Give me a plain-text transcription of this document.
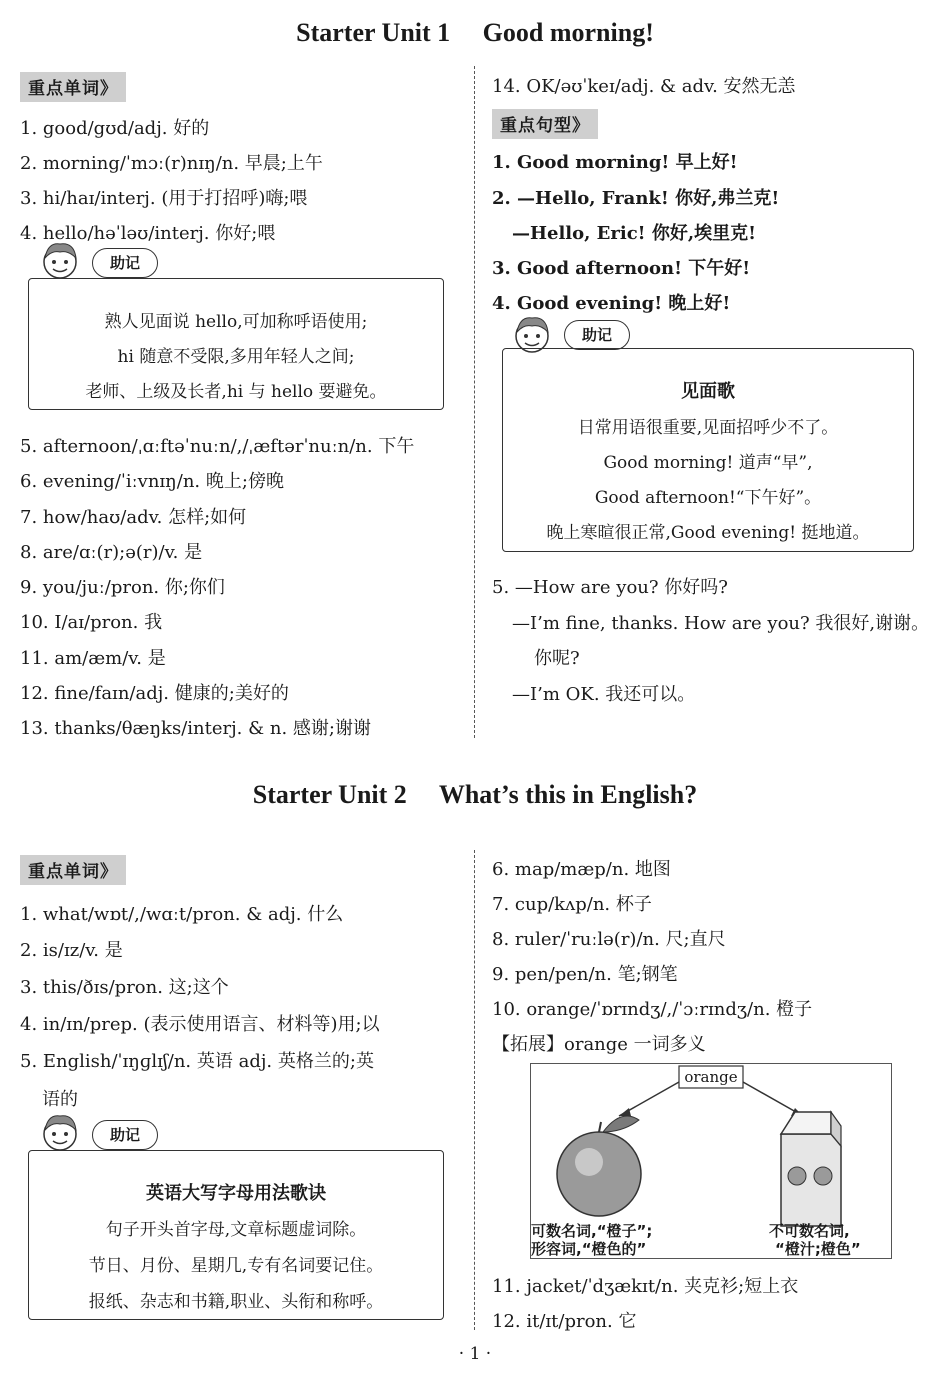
Starter Unit 1     Good morning!
重点单词》
1. good/gʊd/adj. 好的
2. morning/ˈmɔː(r)nɪŋ/n. 早晨;上午
3. hi/haɪ/interj. (用于打招呼)嗨;喂
4. hello/həˈləʊ/interj. 你好;喂
5. afternoon/ˌɑːftəˈnuːn/,/ˌæftərˈnuːn/n. 下午
6. evening/ˈiːvnɪŋ/n. 晚上;傍晚
7. how/haʊ/adv. 怎样;如何
8. are/ɑː(r);ə(r)/v. 是
9. you/juː/pron. 你;你们
10. I/aɪ/pron. 我
11. am/æm/v. 是
12. fine/faɪn/adj. 健康的;美好的
13. thanks/θæŋks/interj. & n. 感谢;谢谢
14. OK/əʊˈkeɪ/adj. & adv. 安然无恙
助记
熟人见面说 hello,可加称呼语使用;
hi 随意不受限,多用年轻人之间;
老师、上级及长者,hi 与 hello 要避免。
重点句型》
1. Good morning! 早上好!
2. —Hello, Frank! 你好,弗兰克!
—Hello, Eric! 你好,埃里克!
3. Good afternoon! 下午好!
4. Good evening! 晚上好!
助记
见面歌
日常用语很重要,见面招呼少不了。
Good morning! 道声“早”,
Good afternoon!“下午好”。
晚上寒暄很正常,Good evening! 挺地道。
5. —How are you? 你好吗?
—I’m fine, thanks. How are you? 我很好,谢谢。
你呢?
—I’m OK. 我还可以。
Starter Unit 2     What’s this in English?
重点单词》
1. what/wɒt/,/wɑːt/pron. & adj. 什么
2. is/ɪz/v. 是
3. this/ðɪs/pron. 这;这个
4. in/ɪn/prep. (表示使用语言、材料等)用;以
5. English/ˈɪŋɡlɪʃ/n. 英语 adj. 英格兰的;英
语的
助记
英语大写字母用法歌诀
句子开头首字母,文章标题虚词除。
节日、月份、星期几,专有名词要记住。
报纸、杂志和书籍,职业、头衔和称呼。
6. map/mæp/n. 地图
7. cup/kʌp/n. 杯子
8. ruler/ˈruːlə(r)/n. 尺;直尺
9. pen/pen/n. 笔;钢笔
10. orange/ˈɒrɪndʒ/,/ˈɔːrɪndʒ/n. 橙子
【拓展】orange 一词多义
orange
可数名词,“橙子”;
形容词,“橙色的”
不可数名词,
“橙汁;橙色”
11. jacket/ˈdʒækɪt/n. 夹克衫;短上衣
12. it/ɪt/pron. 它
· 1 ·
